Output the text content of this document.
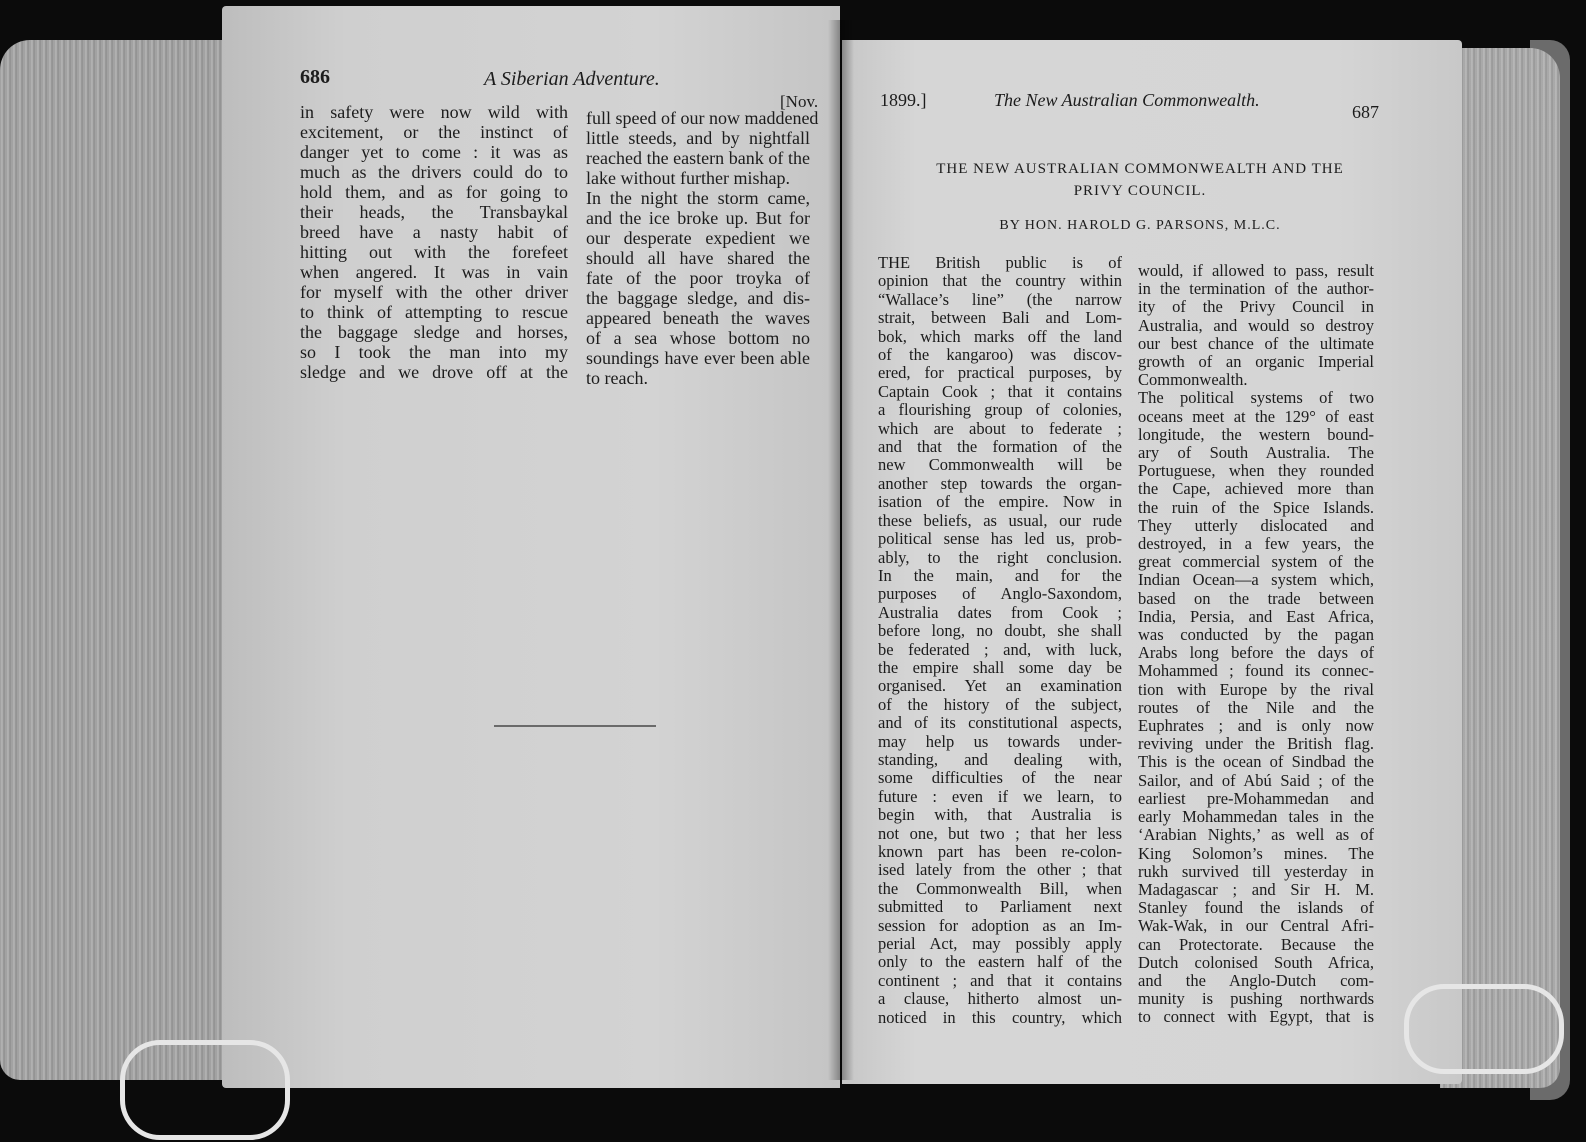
686	A Siberian Adventure.
[Nov.
in safety were now wild with
excitement, or the instinct of
danger yet to come : it was as
much as the drivers could do to
hold them, and as for going to
their heads, the Transbaykal
breed have a nasty habit of
hitting out with the forefeet
when angered. It was in vain
for myself with the other driver
to think of attempting to rescue
the baggage sledge and horses,
so I took the man into my
sledge and we drove off at the
full speed of our now maddened
little steeds, and by nightfall
reached the eastern bank of the
lake without further mishap.
In the night the storm came,
and the ice broke up. But for
our desperate expedient we
should all have shared the
fate of the poor troyka of
the baggage sledge, and dis-
appeared beneath the waves
of a sea whose bottom no
soundings have ever been able
to reach.
1899.]	The New Australian Commonwealth.
687
THE NEW AUSTRALIAN COMMONWEALTH AND THE
PRIVY COUNCIL.
BY HON. HAROLD G. PARSONS, M.L.C.
THE British public is of
opinion that the country within
“Wallace’s line” (the narrow
strait, between Bali and Lom-
bok, which marks off the land
of the kangaroo) was discov-
ered, for practical purposes, by
Captain Cook ; that it contains
a flourishing group of colonies,
which are about to federate ;
and that the formation of the
new Commonwealth will be
another step towards the organ-
isation of the empire. Now in
these beliefs, as usual, our rude
political sense has led us, prob-
ably, to the right conclusion.
In the main, and for the
purposes of Anglo-Saxondom,
Australia dates from Cook ;
before long, no doubt, she shall
be federated ; and, with luck,
the empire shall some day be
organised. Yet an examination
of the history of the subject,
and of its constitutional aspects,
may help us towards under-
standing, and dealing with,
some difficulties of the near
future : even if we learn, to
begin with, that Australia is
not one, but two ; that her less
known part has been re-colon-
ised lately from the other ; that
the Commonwealth Bill, when
submitted to Parliament next
session for adoption as an Im-
perial Act, may possibly apply
only to the eastern half of the
continent ; and that it contains
a clause, hitherto almost un-
noticed in this country, which
would, if allowed to pass, result
in the termination of the author-
ity of the Privy Council in
Australia, and would so destroy
our best chance of the ultimate
growth of an organic Imperial
Commonwealth.
The political systems of two
oceans meet at the 129° of east
longitude, the western bound-
ary of South Australia. The
Portuguese, when they rounded
the Cape, achieved more than
the ruin of the Spice Islands.
They utterly dislocated and
destroyed, in a few years, the
great commercial system of the
Indian Ocean—a system which,
based on the trade between
India, Persia, and East Africa,
was conducted by the pagan
Arabs long before the days of
Mohammed ; found its connec-
tion with Europe by the rival
routes of the Nile and the
Euphrates ; and is only now
reviving under the British flag.
This is the ocean of Sindbad the
Sailor, and of Abú Said ; of the
earliest pre-Mohammedan and
early Mohammedan tales in the
‘Arabian Nights,’ as well as of
King Solomon’s mines. The
rukh survived till yesterday in
Madagascar ; and Sir H. M.
Stanley found the islands of
Wak-Wak, in our Central Afri-
can Protectorate. Because the
Dutch colonised South Africa,
and the Anglo-Dutch com-
munity is pushing northwards
to connect with Egypt, that is
